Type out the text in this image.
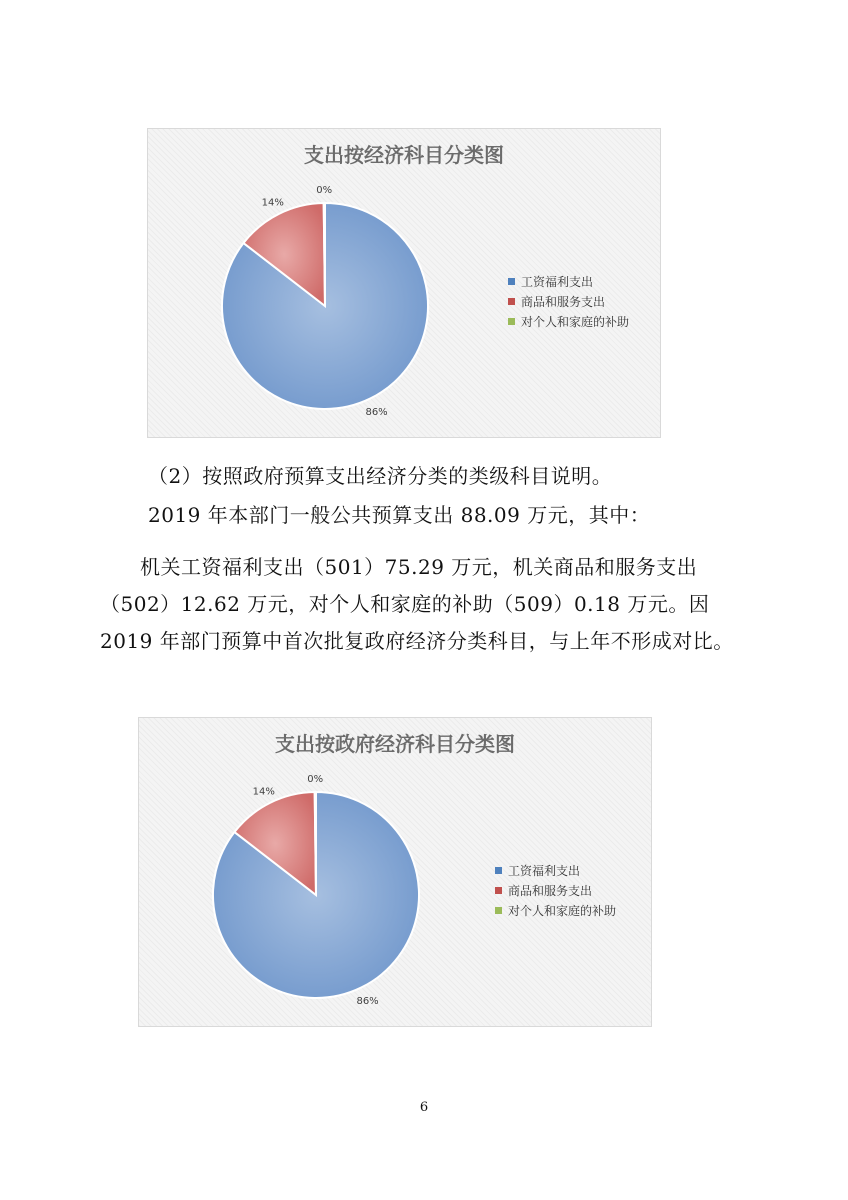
支出按经济科目分类图
86%
14%
0%
工资福利支出
商品和服务支出
对个人和家庭的补助

（2）按照政府预算支出经济分类的类级科目说明。

2019 年本部门一般公共预算支出 88.09 万元，其中：

机关工资福利支出（501）75.29 万元，机关商品和服务支出（502）12.62 万元，对个人和家庭的补助（509）0.18 万元。因 2019 年部门预算中首次批复政府经济分类科目，与上年不形成对比。

支出按政府经济科目分类图
86%
14%
0%
工资福利支出
商品和服务支出
对个人和家庭的补助
6
